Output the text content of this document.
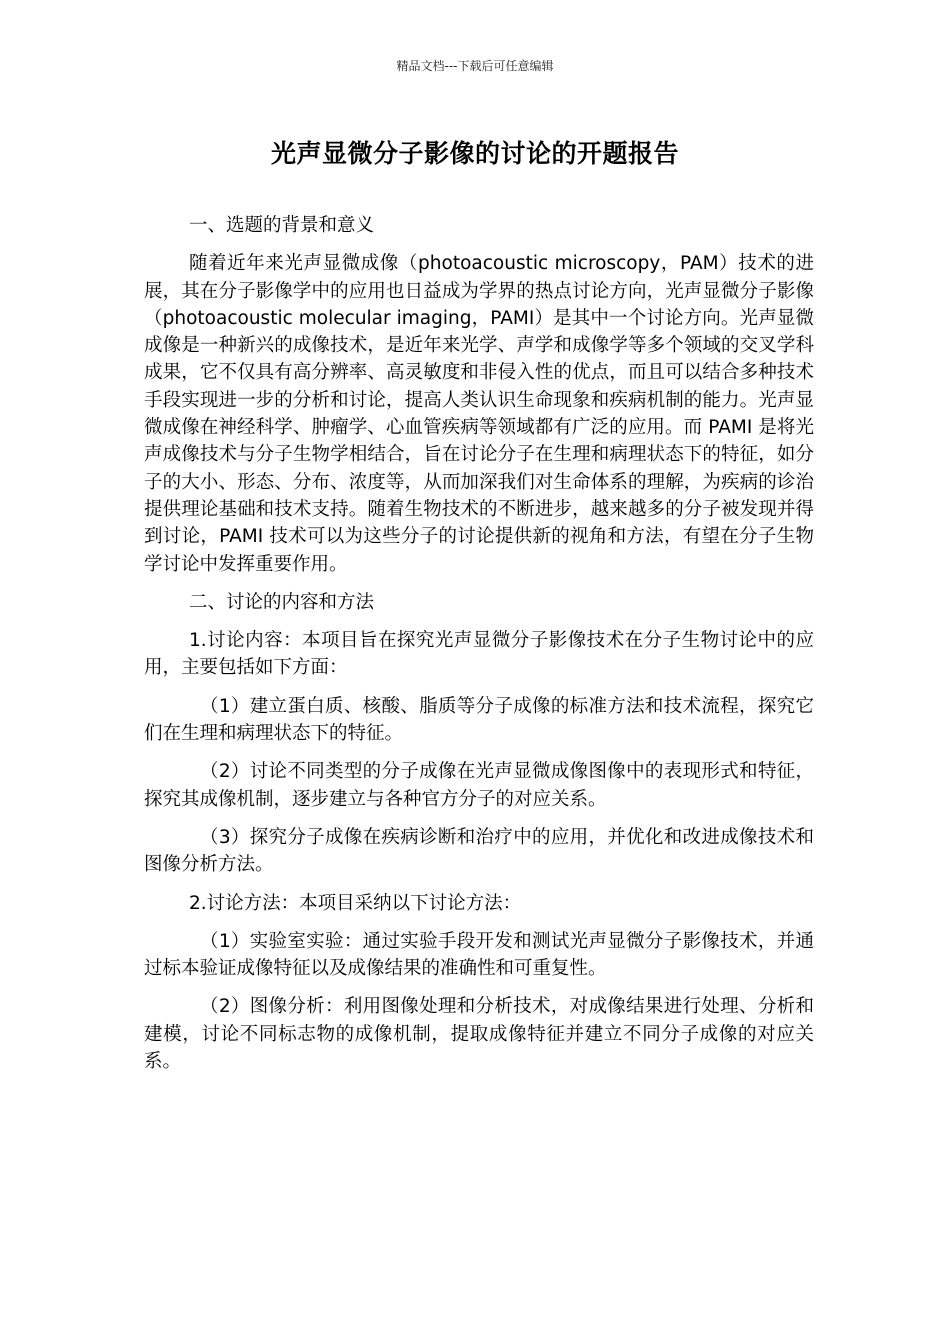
精品文档---下载后可任意编辑
光声显微分子影像的讨论的开题报告

一、选题的背景和意义

随着近年来光声显微成像（photoacoustic microscopy，PAM）技术的进展，其在分子影像学中的应用也日益成为学界的热点讨论方向，光声显微分子影像（photoacoustic molecular imaging，PAMI）是其中一个讨论方向。光声显微成像是一种新兴的成像技术，是近年来光学、声学和成像学等多个领域的交叉学科成果，它不仅具有高分辨率、高灵敏度和非侵入性的优点，而且可以结合多种技术手段实现进一步的分析和讨论，提高人类认识生命现象和疾病机制的能力。光声显微成像在神经科学、肿瘤学、心血管疾病等领域都有广泛的应用。而 PAMI 是将光声成像技术与分子生物学相结合，旨在讨论分子在生理和病理状态下的特征，如分子的大小、形态、分布、浓度等，从而加深我们对生命体系的理解，为疾病的诊治提供理论基础和技术支持。随着生物技术的不断进步，越来越多的分子被发现并得到讨论，PAMI 技术可以为这些分子的讨论提供新的视角和方法，有望在分子生物学讨论中发挥重要作用。

二、讨论的内容和方法

1.讨论内容：本项目旨在探究光声显微分子影像技术在分子生物讨论中的应用，主要包括如下方面：

（1）建立蛋白质、核酸、脂质等分子成像的标准方法和技术流程，探究它们在生理和病理状态下的特征。

（2）讨论不同类型的分子成像在光声显微成像图像中的表现形式和特征，探究其成像机制，逐步建立与各种官方分子的对应关系。

（3）探究分子成像在疾病诊断和治疗中的应用，并优化和改进成像技术和图像分析方法。

2.讨论方法：本项目采纳以下讨论方法：

（1）实验室实验：通过实验手段开发和测试光声显微分子影像技术，并通过标本验证成像特征以及成像结果的准确性和可重复性。

（2）图像分析：利用图像处理和分析技术，对成像结果进行处理、分析和建模，讨论不同标志物的成像机制，提取成像特征并建立不同分子成像的对应关系。
